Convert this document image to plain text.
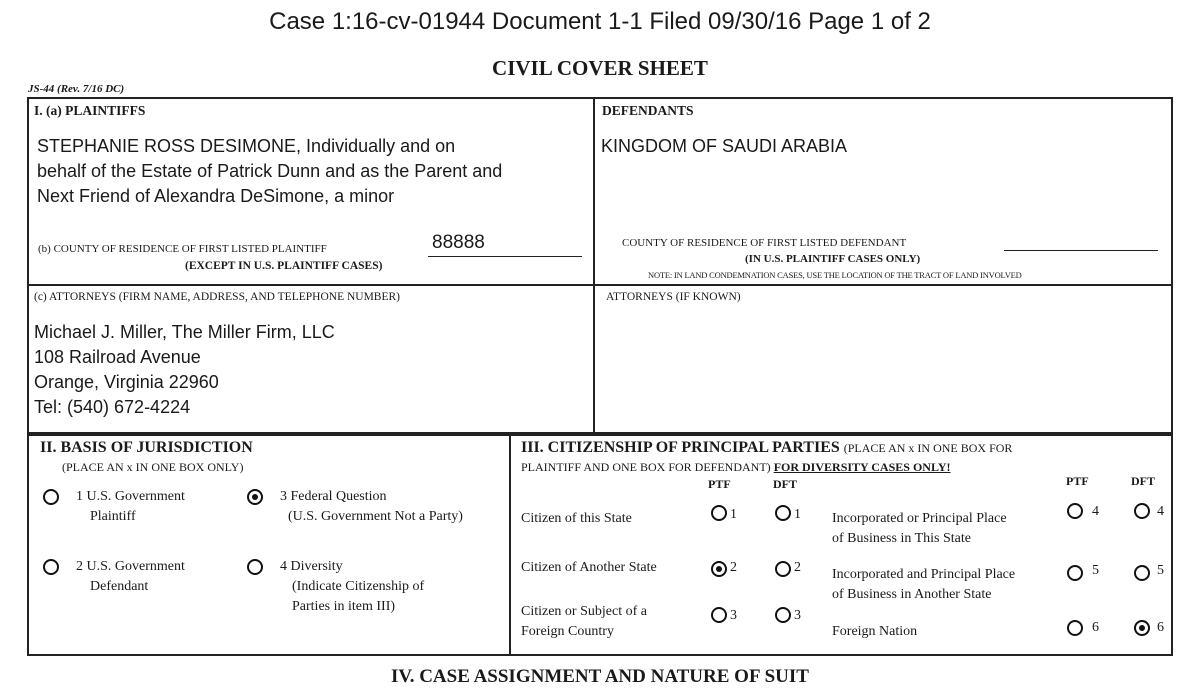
Case 1:16-cv-01944 Document 1-1 Filed 09/30/16 Page 1 of 2
CIVIL COVER SHEET
JS-44 (Rev. 7/16 DC)
I. (a) PLAINTIFFS
STEPHANIE ROSS DESIMONE, Individually and on
behalf of the Estate of Patrick Dunn and as the Parent and
Next Friend of Alexandra DeSimone, a minor
(b) COUNTY OF RESIDENCE OF FIRST LISTED PLAINTIFF	88888
(EXCEPT IN U.S. PLAINTIFF CASES)
DEFENDANTS
KINGDOM OF SAUDI ARABIA
COUNTY OF RESIDENCE OF FIRST LISTED DEFENDANT
(IN U.S. PLAINTIFF CASES ONLY)
NOTE: IN LAND CONDEMNATION CASES, USE THE LOCATION OF THE TRACT OF LAND INVOLVED
(c) ATTORNEYS (FIRM NAME, ADDRESS, AND TELEPHONE NUMBER)
Michael J. Miller, The Miller Firm, LLC
108 Railroad Avenue
Orange, Virginia 22960
Tel: (540) 672-4224
ATTORNEYS (IF KNOWN)
II. BASIS OF JURISDICTION
(PLACE AN x IN ONE BOX ONLY)
1 U.S. Government
Plaintiff
3 Federal Question
(U.S. Government Not a Party)
2 U.S. Government
Defendant
4 Diversity
(Indicate Citizenship of
Parties in item III)
III. CITIZENSHIP OF PRINCIPAL PARTIES (PLACE AN x IN ONE BOX FOR
PLAINTIFF AND ONE BOX FOR DEFENDANT) FOR DIVERSITY CASES ONLY!
PTF	DFT	PTF	DFT
Citizen of this State	1	1
Citizen of Another State	2	2
Citizen or Subject of a
Foreign Country
3	3
Incorporated or Principal Place
of Business in This State
4	4
Incorporated and Principal Place
of Business in Another State
5	5
Foreign Nation	6	6
IV. CASE ASSIGNMENT AND NATURE OF SUIT
